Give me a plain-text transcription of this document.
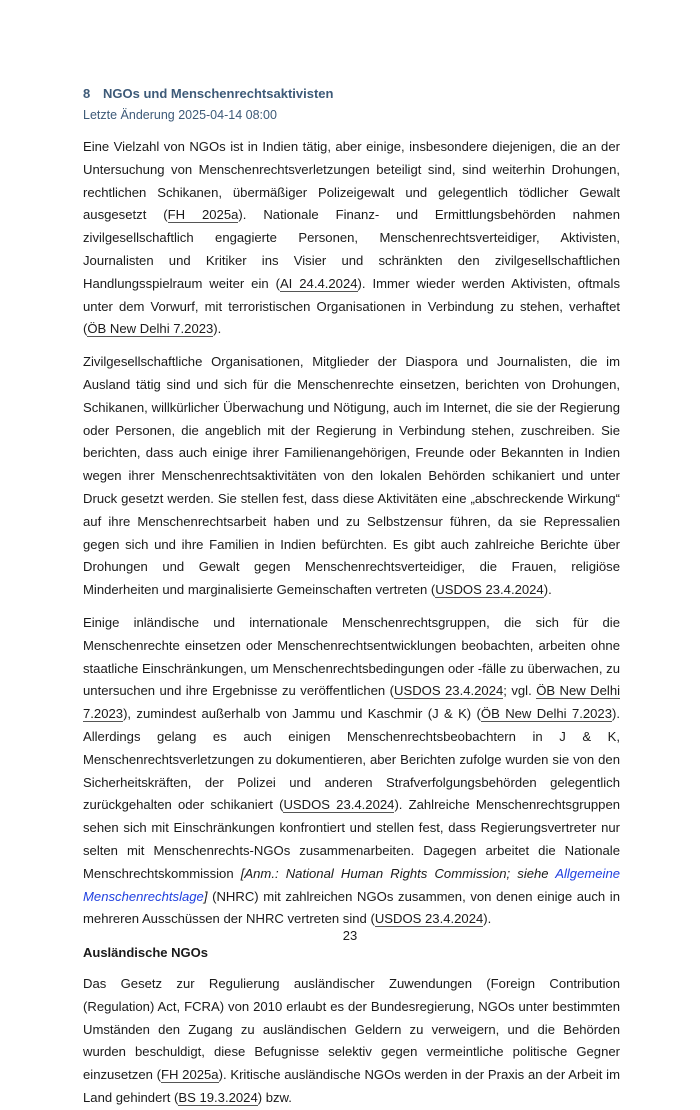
8 NGOs und Menschenrechtsaktivisten
Letzte Änderung 2025-04-14 08:00

Eine Vielzahl von NGOs ist in Indien tätig, aber einige, insbesondere diejenigen, die an der Untersuchung von Menschenrechtsverletzungen beteiligt sind, sind weiterhin Drohungen, rechtlichen Schikanen, übermäßiger Polizeigewalt und gelegentlich tödlicher Gewalt ausgesetzt (FH 2025a). Nationale Finanz- und Ermittlungsbehörden nahmen zivilgesellschaftlich engagierte Personen, Menschenrechtsverteidiger, Aktivisten, Journalisten und Kritiker ins Visier und schränkten den zivilgesellschaftlichen Handlungsspielraum weiter ein (AI 24.4.2024). Immer wieder werden Aktivisten, oftmals unter dem Vorwurf, mit terroristischen Organisationen in Verbindung zu stehen, verhaftet (ÖB New Delhi 7.2023).

Zivilgesellschaftliche Organisationen, Mitglieder der Diaspora und Journalisten, die im Ausland tätig sind und sich für die Menschenrechte einsetzen, berichten von Drohungen, Schikanen, willkürlicher Überwachung und Nötigung, auch im Internet, die sie der Regierung oder Personen, die angeblich mit der Regierung in Verbindung stehen, zuschreiben. Sie berichten, dass auch einige ihrer Familienangehörigen, Freunde oder Bekannten in Indien wegen ihrer Menschenrechtsaktivitäten von den lokalen Behörden schikaniert und unter Druck gesetzt werden. Sie stellen fest, dass diese Aktivitäten eine „abschreckende Wirkung“ auf ihre Menschenrechtsarbeit haben und zu Selbstzensur führen, da sie Repressalien gegen sich und ihre Familien in Indien befürchten. Es gibt auch zahlreiche Berichte über Drohungen und Gewalt gegen Menschenrechtsverteidiger, die Frauen, religiöse Minderheiten und marginalisierte Gemeinschaften vertreten (USDOS 23.4.2024).

Einige inländische und internationale Menschenrechtsgruppen, die sich für die Menschenrechte einsetzen oder Menschenrechtsentwicklungen beobachten, arbeiten ohne staatliche Einschränkungen, um Menschenrechtsbedingungen oder -fälle zu überwachen, zu untersuchen und ihre Ergebnisse zu veröffentlichen (USDOS 23.4.2024; vgl. ÖB New Delhi 7.2023), zumindest außerhalb von Jammu und Kaschmir (J & K) (ÖB New Delhi 7.2023). Allerdings gelang es auch einigen Menschenrechtsbeobachtern in J & K, Menschenrechtsverletzungen zu dokumentieren, aber Berichten zufolge wurden sie von den Sicherheitskräften, der Polizei und anderen Strafverfolgungsbehörden gelegentlich zurückgehalten oder schikaniert (USDOS 23.4.2024). Zahlreiche Menschenrechtsgruppen sehen sich mit Einschränkungen konfrontiert und stellen fest, dass Regierungsvertreter nur selten mit Menschenrechts-NGOs zusammenarbeiten. Dagegen arbeitet die Nationale Menschrechtskommission [Anm.: National Human Rights Commission; siehe Allgemeine Menschenrechtslage] (NHRC) mit zahlreichen NGOs zusammen, von denen einige auch in mehreren Ausschüssen der NHRC vertreten sind (USDOS 23.4.2024).

Ausländische NGOs

Das Gesetz zur Regulierung ausländischer Zuwendungen (Foreign Contribution (Regulation) Act, FCRA) von 2010 erlaubt es der Bundesregierung, NGOs unter bestimmten Umständen den Zugang zu ausländischen Geldern zu verweigern, und die Behörden wurden beschuldigt, diese Befugnisse selektiv gegen vermeintliche politische Gegner einzusetzen (FH 2025a). Kritische ausländische NGOs werden in der Praxis an der Arbeit im Land gehindert (BS 19.3.2024) bzw.

23
